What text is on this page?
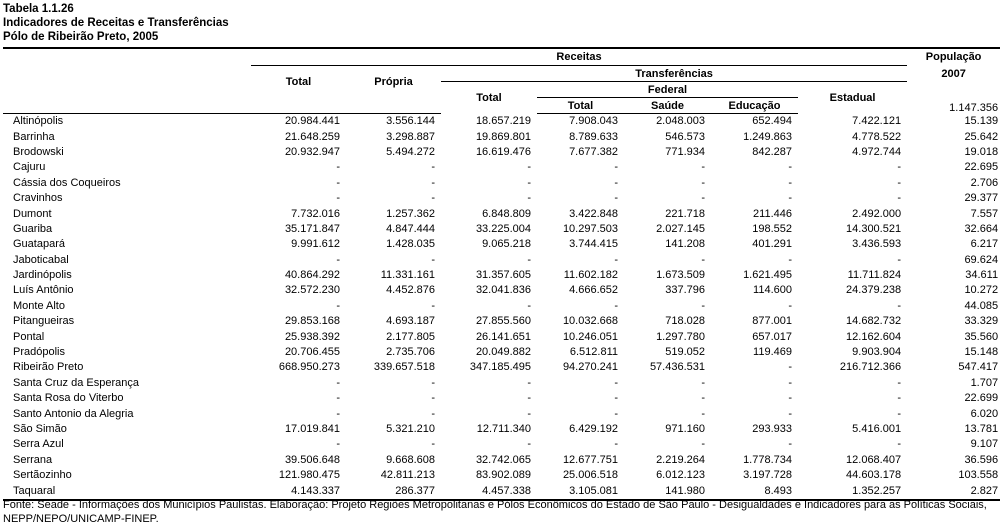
Tabela 1.1.26
Indicadores de Receitas e Transferências
Pólo de Ribeirão Preto, 2005
	Receitas							População
	Total	Própria	Transferências					2007
			Total	Federal			Estadual	1.147.356
				Total	Saúde	Educação		
Altinópolis	20.984.441	3.556.144	18.657.219	7.908.043	2.048.003	652.494	7.422.121	15.139
Barrinha	21.648.259	3.298.887	19.869.801	8.789.633	546.573	1.249.863	4.778.522	25.642
Brodowski	20.932.947	5.494.272	16.619.476	7.677.382	771.934	842.287	4.972.744	19.018
Cajuru	-	-	-	-	-	-	-	22.695
Cássia dos Coqueiros	-	-	-	-	-	-	-	2.706
Cravinhos	-	-	-	-	-	-	-	29.377
Dumont	7.732.016	1.257.362	6.848.809	3.422.848	221.718	211.446	2.492.000	7.557
Guariba	35.171.847	4.847.444	33.225.004	10.297.503	2.027.145	198.552	14.300.521	32.664
Guatapará	9.991.612	1.428.035	9.065.218	3.744.415	141.208	401.291	3.436.593	6.217
Jaboticabal	-	-	-	-	-	-	-	69.624
Jardinópolis	40.864.292	11.331.161	31.357.605	11.602.182	1.673.509	1.621.495	11.711.824	34.611
Luís Antônio	32.572.230	4.452.876	32.041.836	4.666.652	337.796	114.600	24.379.238	10.272
Monte Alto	-	-	-	-	-	-	-	44.085
Pitangueiras	29.853.168	4.693.187	27.855.560	10.032.668	718.028	877.001	14.682.732	33.329
Pontal	25.938.392	2.177.805	26.141.651	10.246.051	1.297.780	657.017	12.162.604	35.560
Pradópolis	20.706.455	2.735.706	20.049.882	6.512.811	519.052	119.469	9.903.904	15.148
Ribeirão Preto	668.950.273	339.657.518	347.185.495	94.270.241	57.436.531	-	216.712.366	547.417
Santa Cruz da Esperança	-	-	-	-	-	-	-	1.707
Santa Rosa do Viterbo	-	-	-	-	-	-	-	22.699
Santo Antonio da Alegria	-	-	-	-	-	-	-	6.020
São Simão	17.019.841	5.321.210	12.711.340	6.429.192	971.160	293.933	5.416.001	13.781
Serra Azul	-	-	-	-	-	-	-	9.107
Serrana	39.506.648	9.668.608	32.742.065	12.677.751	2.219.264	1.778.734	12.068.407	36.596
Sertãozinho	121.980.475	42.811.213	83.902.089	25.006.518	6.012.123	3.197.728	44.603.178	103.558
Taquaral	4.143.337	286.377	4.457.338	3.105.081	141.980	8.493	1.352.257	2.827
Fonte: Seade - Informações dos Municípios Paulistas. Elaboração: Projeto Regiões Metropolitanas e Pólos Econômicos do Estado de São Paulo - Desigualdades e Indicadores para as Políticas Sociais, NEPP/NEPO/UNICAMP-FINEP.
